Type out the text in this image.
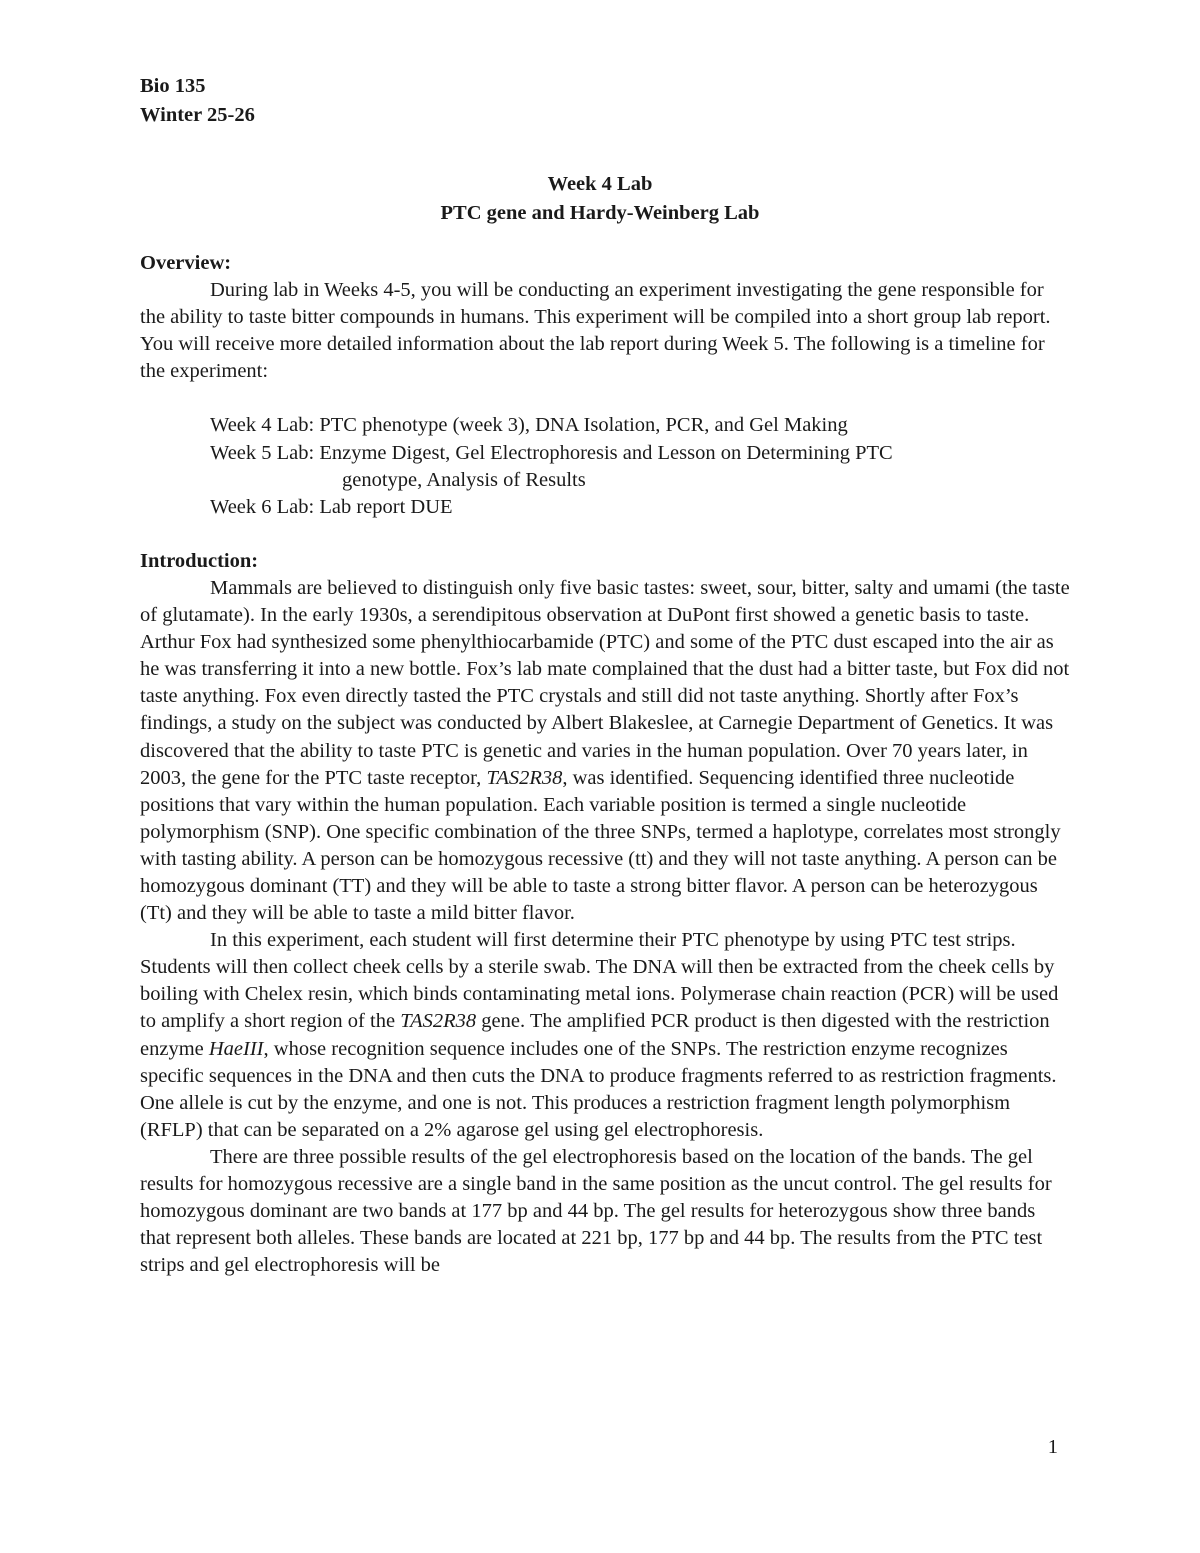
Bio 135
Winter 25-26
Week 4 Lab
PTC gene and Hardy-Weinberg Lab
Overview:

During lab in Weeks 4-5, you will be conducting an experiment investigating the gene responsible for the ability to taste bitter compounds in humans. This experiment will be compiled into a short group lab report. You will receive more detailed information about the lab report during Week 5. The following is a timeline for the experiment:

Week 4 Lab: PTC phenotype (week 3), DNA Isolation, PCR, and Gel Making
Week 5 Lab: Enzyme Digest, Gel Electrophoresis and Lesson on Determining PTC
genotype, Analysis of Results
Week 6 Lab: Lab report DUE
Introduction:

Mammals are believed to distinguish only five basic tastes: sweet, sour, bitter, salty and umami (the taste of glutamate). In the early 1930s, a serendipitous observation at DuPont first showed a genetic basis to taste. Arthur Fox had synthesized some phenylthiocarbamide (PTC) and some of the PTC dust escaped into the air as he was transferring it into a new bottle. Fox’s lab mate complained that the dust had a bitter taste, but Fox did not taste anything. Fox even directly tasted the PTC crystals and still did not taste anything. Shortly after Fox’s findings, a study on the subject was conducted by Albert Blakeslee, at Carnegie Department of Genetics. It was discovered that the ability to taste PTC is genetic and varies in the human population. Over 70 years later, in 2003, the gene for the PTC taste receptor, TAS2R38, was identified. Sequencing identified three nucleotide positions that vary within the human population. Each variable position is termed a single nucleotide polymorphism (SNP). One specific combination of the three SNPs, termed a haplotype, correlates most strongly with tasting ability. A person can be homozygous recessive (tt) and they will not taste anything. A person can be homozygous dominant (TT) and they will be able to taste a strong bitter flavor. A person can be heterozygous (Tt) and they will be able to taste a mild bitter flavor.

In this experiment, each student will first determine their PTC phenotype by using PTC test strips. Students will then collect cheek cells by a sterile swab. The DNA will then be extracted from the cheek cells by boiling with Chelex resin, which binds contaminating metal ions. Polymerase chain reaction (PCR) will be used to amplify a short region of the TAS2R38 gene. The amplified PCR product is then digested with the restriction enzyme HaeIII, whose recognition sequence includes one of the SNPs. The restriction enzyme recognizes specific sequences in the DNA and then cuts the DNA to produce fragments referred to as restriction fragments. One allele is cut by the enzyme, and one is not. This produces a restriction fragment length polymorphism (RFLP) that can be separated on a 2% agarose gel using gel electrophoresis.

There are three possible results of the gel electrophoresis based on the location of the bands. The gel results for homozygous recessive are a single band in the same position as the uncut control. The gel results for homozygous dominant are two bands at 177 bp and 44 bp. The gel results for heterozygous show three bands that represent both alleles. These bands are located at 221 bp, 177 bp and 44 bp. The results from the PTC test strips and gel electrophoresis will be

1
